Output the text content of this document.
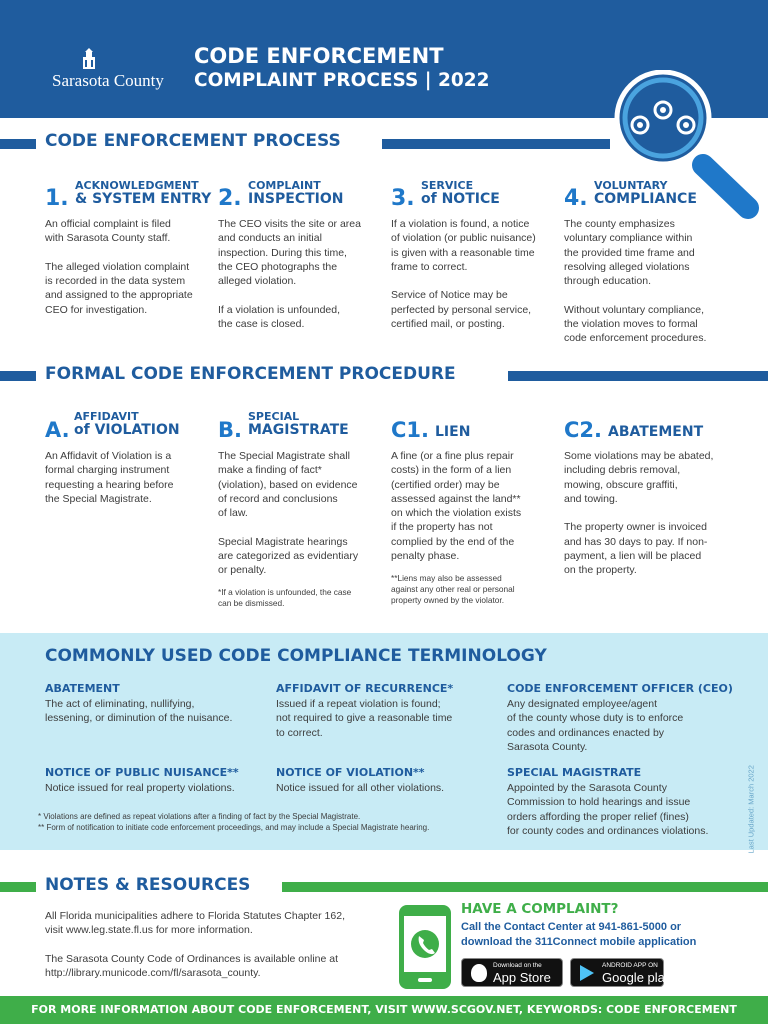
Sarasota County
CODE ENFORCEMENT
COMPLAINT PROCESS | 2022
CODE ENFORCEMENT PROCESS
1.
ACKNOWLEDGMENT
& SYSTEM ENTRY
An official complaint is filed
with Sarasota County staff.

The alleged violation complaint
is recorded in the data system
and assigned to the appropriate
CEO for investigation.
2.
COMPLAINT
INSPECTION
The CEO visits the site or area
and conducts an initial
inspection. During this time,
the CEO photographs the
alleged violation.

If a violation is unfounded,
the case is closed.
3.
SERVICE
of NOTICE
If a violation is found, a notice
of violation (or public nuisance)
is given with a reasonable time
frame to correct.

Service of Notice may be
perfected by personal service,
certified mail, or posting.
4.
VOLUNTARY
COMPLIANCE
The county emphasizes
voluntary compliance within
the provided time frame and
resolving alleged violations
through education.

Without voluntary compliance,
the violation moves to formal
code enforcement procedures.
FORMAL CODE ENFORCEMENT PROCEDURE
A.
AFFIDAVIT
of VIOLATION
An Affidavit of Violation is a
formal charging instrument
requesting a hearing before
the Special Magistrate.
B.
SPECIAL
MAGISTRATE
The Special Magistrate shall
make a finding of fact*
(violation), based on evidence
of record and conclusions
of law.

Special Magistrate hearings
are categorized as evidentiary
or penalty.
*If a violation is unfounded, the case
can be dismissed.
C1. LIEN
A fine (or a fine plus repair
costs) in the form of a lien
(certified order) may be
assessed against the land**
on which the violation exists
if the property has not
complied by the end of the
penalty phase.
**Liens may also be assessed
against any other real or personal
property owned by the violator.
C2. ABATEMENT
Some violations may be abated,
including debris removal,
mowing, obscure graffiti,
and towing.

The property owner is invoiced
and has 30 days to pay. If non-
payment, a lien will be placed
on the property.
COMMONLY USED CODE COMPLIANCE TERMINOLOGY
ABATEMENT
The act of eliminating, nullifying,
lessening, or diminution of the nuisance.
AFFIDAVIT OF RECURRENCE*
Issued if a repeat violation is found;
not required to give a reasonable time
to correct.
CODE ENFORCEMENT OFFICER (CEO)
Any designated employee/agent
of the county whose duty is to enforce
codes and ordinances enacted by
Sarasota County.
NOTICE OF PUBLIC NUISANCE**
Notice issued for real property violations.
NOTICE OF VIOLATION**
Notice issued for all other violations.
SPECIAL MAGISTRATE
Appointed by the Sarasota County
Commission to hold hearings and issue
orders affording the proper relief (fines)
for county codes and ordinances violations.
* Violations are defined as repeat violations after a finding of fact by the Special Magistrate.
** Form of notification to initiate code enforcement proceedings, and may include a Special Magistrate hearing.	Last Updated: March 2022
NOTES & RESOURCES
All Florida municipalities adhere to Florida Statutes Chapter 162,
visit www.leg.state.fl.us for more information.

The Sarasota County Code of Ordinances is available online at
http://library.municode.com/fl/sarasota_county.
HAVE A COMPLAINT?
Call the Contact Center at 941-861-5000 or
download the 311Connect mobile application
Download on the
App Store
ANDROID APP ON
Google play
FOR MORE INFORMATION ABOUT CODE ENFORCEMENT, VISIT WWW.SCGOV.NET, KEYWORDS: CODE ENFORCEMENT
